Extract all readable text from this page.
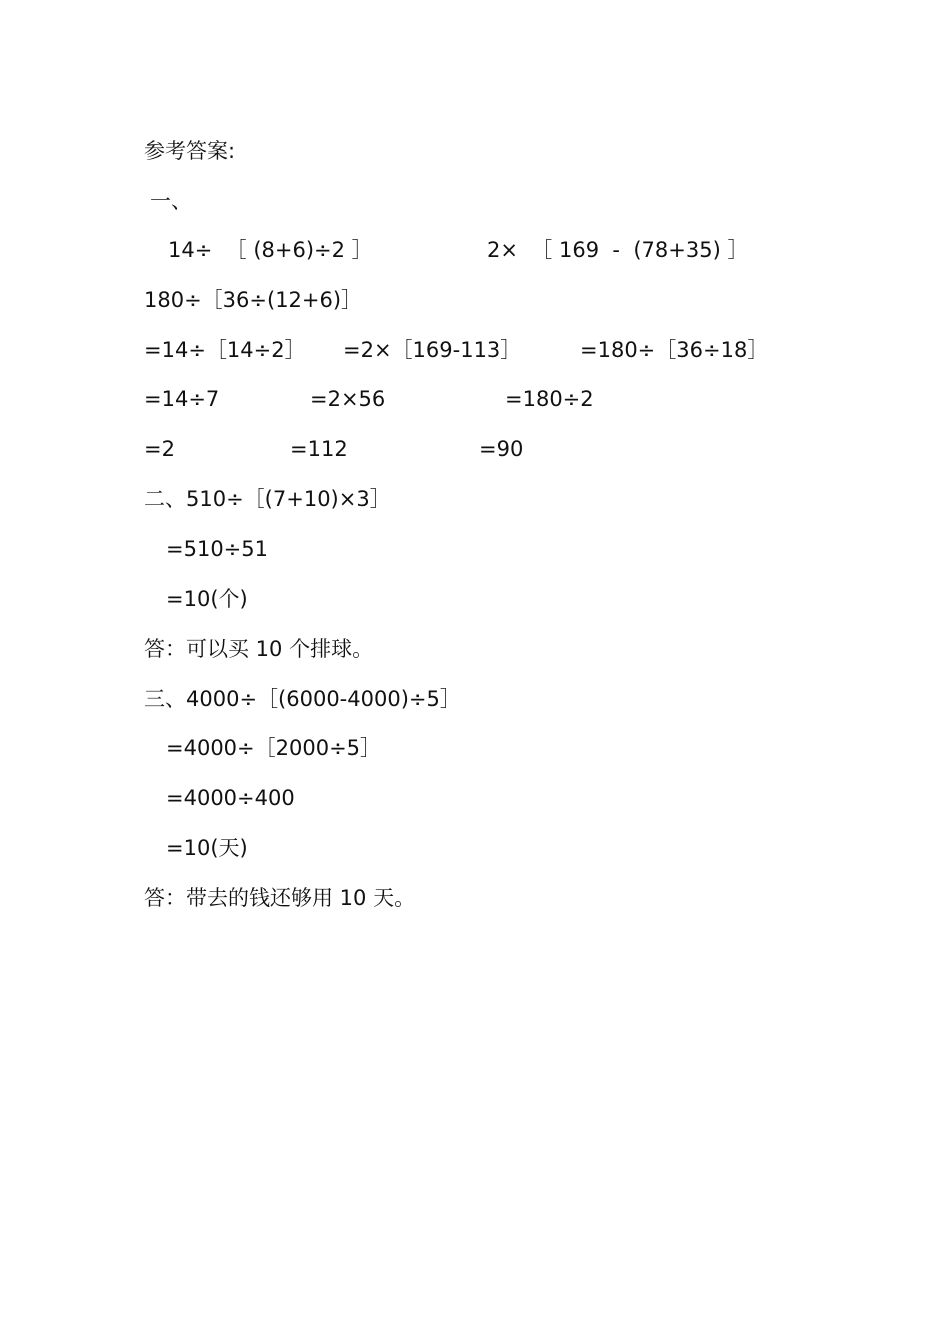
参考答案:
一、
14÷  ［ (8+6)÷2 ］	2×  ［ 169  -  (78+35) ］
180÷［36÷(12+6)］
=14÷［14÷2］ =2×［169-113］	=180÷［36÷18］
=14÷7	=2×56	=180÷2
=2	=112	=90
二、510÷［(7+10)×3］
=510÷51
=10(个)
答：可以买 10 个排球。
三、4000÷［(6000-4000)÷5］
=4000÷［2000÷5］
=4000÷400
=10(天)
答：带去的钱还够用 10 天。
